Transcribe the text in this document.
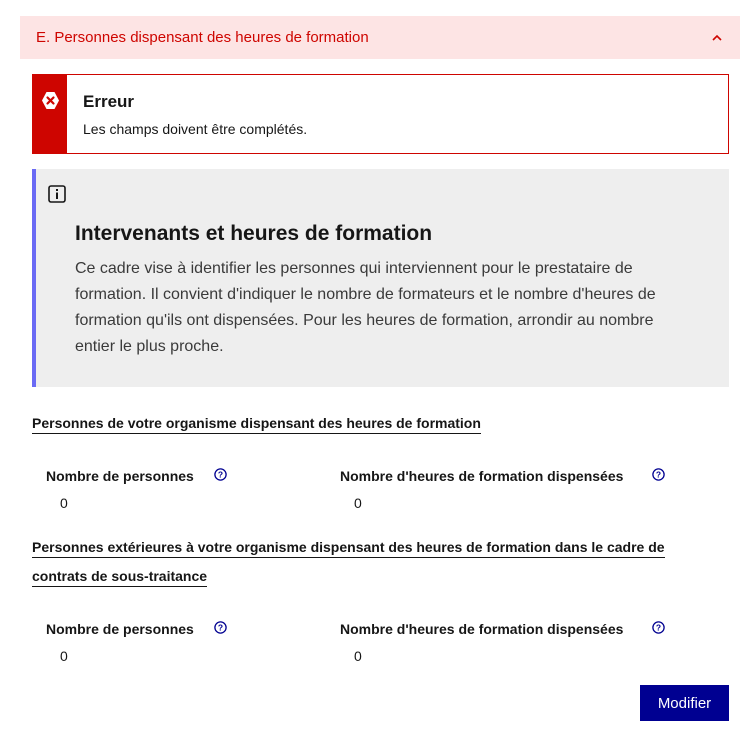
E. Personnes dispensant des heures de formation
Erreur
Les champs doivent être complétés.
Intervenants et heures de formation
Ce cadre vise à identifier les personnes qui interviennent pour le prestataire de formation. Il convient d'indiquer le nombre de formateurs et le nombre d'heures de formation qu'ils ont dispensées. Pour les heures de formation, arrondir au nombre entier le plus proche.
Personnes de votre organisme dispensant des heures de formation
Nombre de personnes	?
0
Nombre d'heures de formation dispensées	?
0
Personnes extérieures à votre organisme dispensant des heures de formation dans le cadre de contrats de sous-traitance
Nombre de personnes	?
0
Nombre d'heures de formation dispensées	?
0
Modifier
